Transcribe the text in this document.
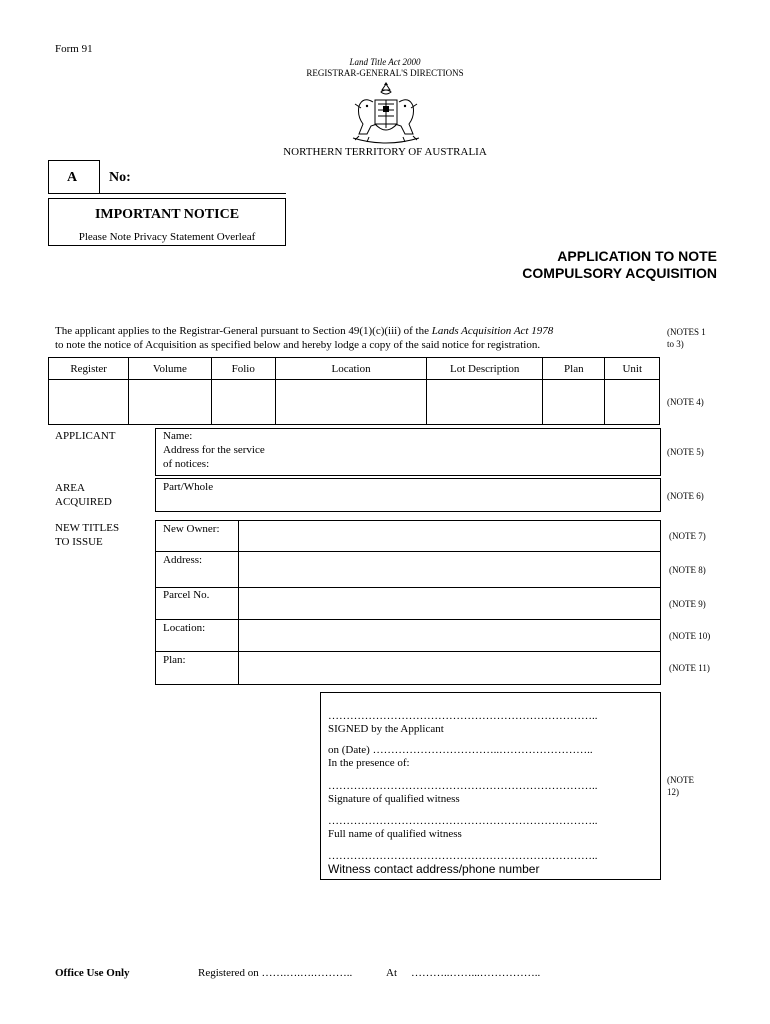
Form 91
Land Title Act 2000
REGISTRAR-GENERAL'S DIRECTIONS
NORTHERN TERRITORY OF AUSTRALIA
A No:
IMPORTANT NOTICE
Please Note Privacy Statement Overleaf
APPLICATION TO NOTE
COMPULSORY ACQUISITION
The applicant applies to the Registrar-General pursuant to Section 49(1)(c)(iii) of the Lands Acquisition Act 1978
to note the notice of Acquisition as specified below and hereby lodge a copy of the said notice for registration.
(NOTES 1
to 3)
Register	Volume	Folio	Location	Lot Description	Plan	Unit

(NOTE 4)
APPLICANT	Name:
Address for the service
of notices:
(NOTE 5)
AREA
ACQUIRED
Part/Whole
(NOTE 6)
NEW TITLES
TO ISSUE
New Owner:
Address:
Parcel No.
Location:
Plan:
(NOTE 7)
(NOTE 8)
(NOTE 9)
(NOTE 10)
(NOTE 11)
………………………………………………………………..
SIGNED by the Applicant
on (Date) ……………………………..……………………..
In the presence of:
………………………………………………………………..
Signature of qualified witness
………………………………………………………………..
Full name of qualified witness
………………………………………………………………..
Witness contact address/phone number
(NOTE
12)
Office Use Only	Registered on …….….….………..	At ………..……...……………..
